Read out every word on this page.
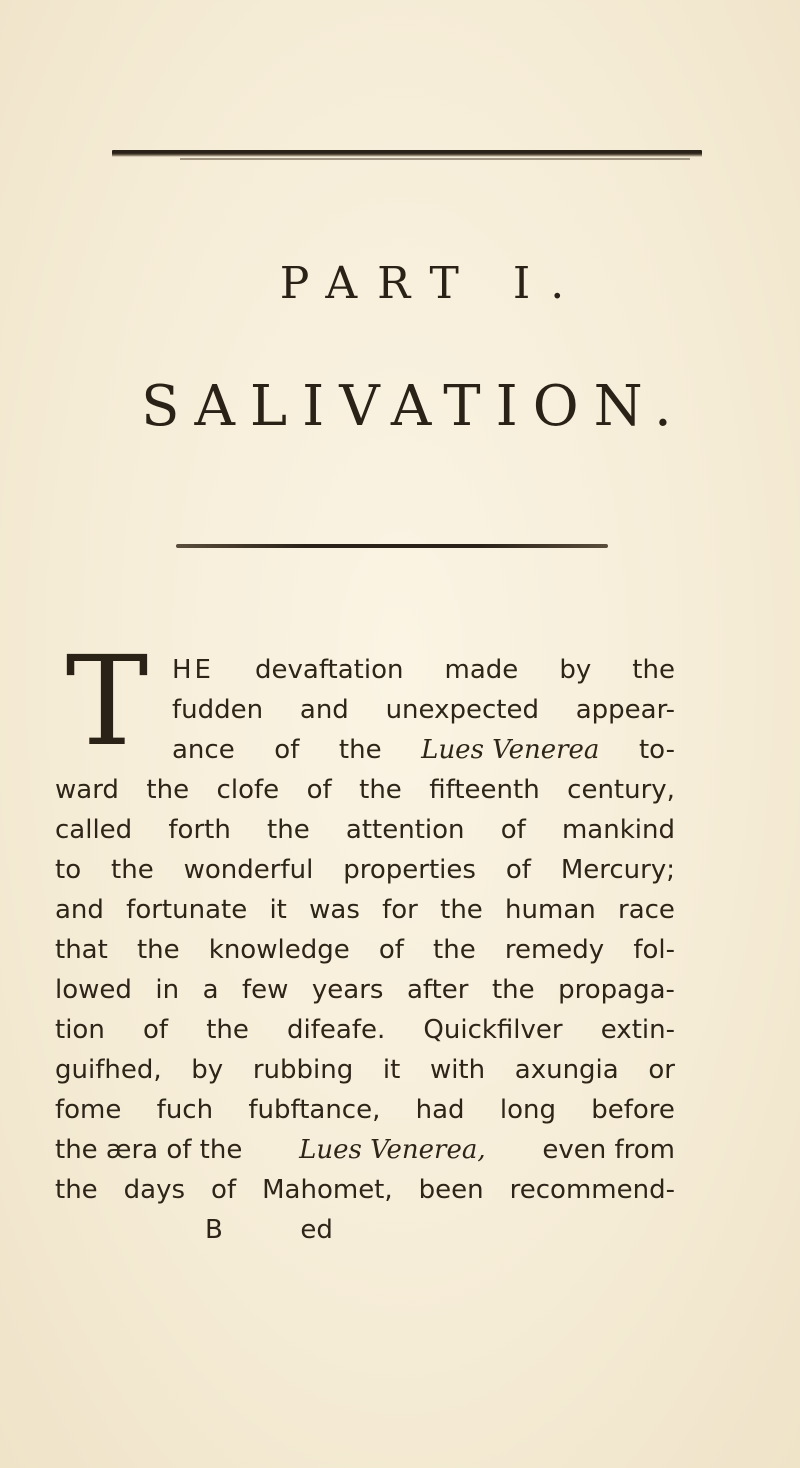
PART I.
SALIVATION.
T HE devaftation made by the
fudden and unexpected appear-
ance of the Lues Venerea to-
ward the clofe of the fifteenth century,
called forth the attention of mankind
to the wonderful properties of Mercury;
and fortunate it was for the human race
that the knowledge of the remedy fol-
lowed in a few years after the propaga-
tion of the difeafe. Quickfilver extin-
guifhed, by rubbing it with axungia or
fome fuch fubftance, had long before
the æra of the Lues Venerea, even from
the days of Mahomet, been recommend-
B	ed
